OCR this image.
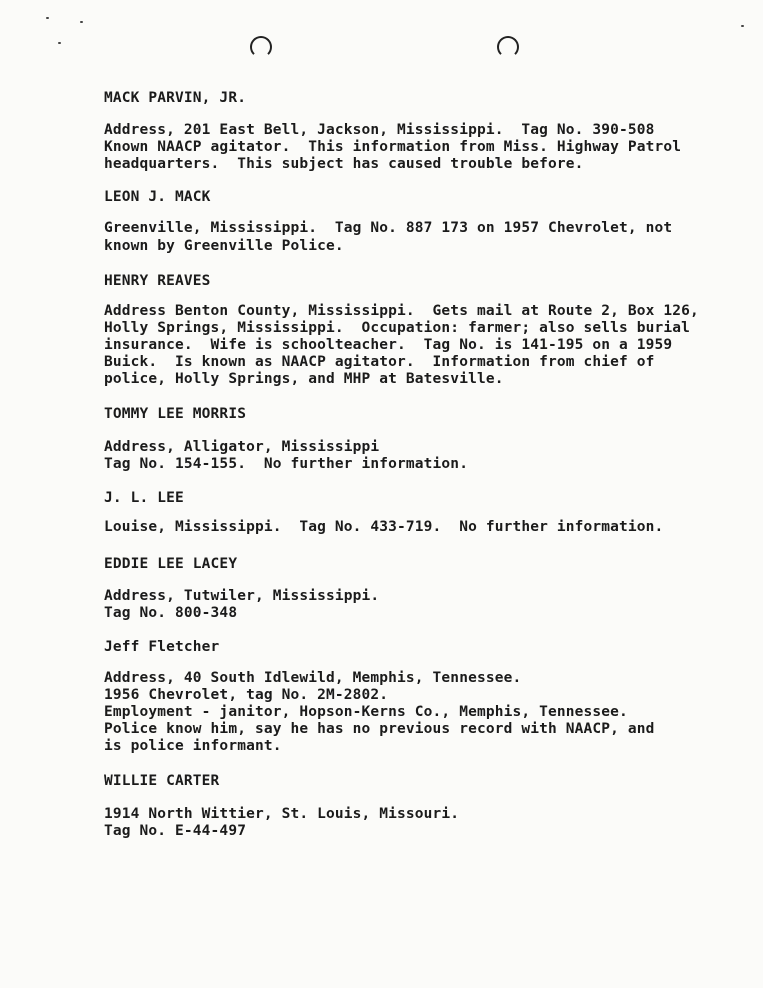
MACK PARVIN, JR.
Address, 201 East Bell, Jackson, Mississippi.  Tag No. 390-508
Known NAACP agitator.  This information from Miss. Highway Patrol
headquarters.  This subject has caused trouble before.
LEON J. MACK
Greenville, Mississippi.  Tag No. 887 173 on 1957 Chevrolet, not
known by Greenville Police.
HENRY REAVES
Address Benton County, Mississippi.  Gets mail at Route 2, Box 126,
Holly Springs, Mississippi.  Occupation: farmer; also sells burial
insurance.  Wife is schoolteacher.  Tag No. is 141-195 on a 1959
Buick.  Is known as NAACP agitator.  Information from chief of
police, Holly Springs, and MHP at Batesville.
TOMMY LEE MORRIS
Address, Alligator, Mississippi
Tag No. 154-155.  No further information.
J. L. LEE
Louise, Mississippi.  Tag No. 433-719.  No further information.
EDDIE LEE LACEY
Address, Tutwiler, Mississippi.
Tag No. 800-348
Jeff Fletcher
Address, 40 South Idlewild, Memphis, Tennessee.
1956 Chevrolet, tag No. 2M-2802.
Employment - janitor, Hopson-Kerns Co., Memphis, Tennessee.
Police know him, say he has no previous record with NAACP, and
is police informant.
WILLIE CARTER
1914 North Wittier, St. Louis, Missouri.
Tag No. E-44-497
